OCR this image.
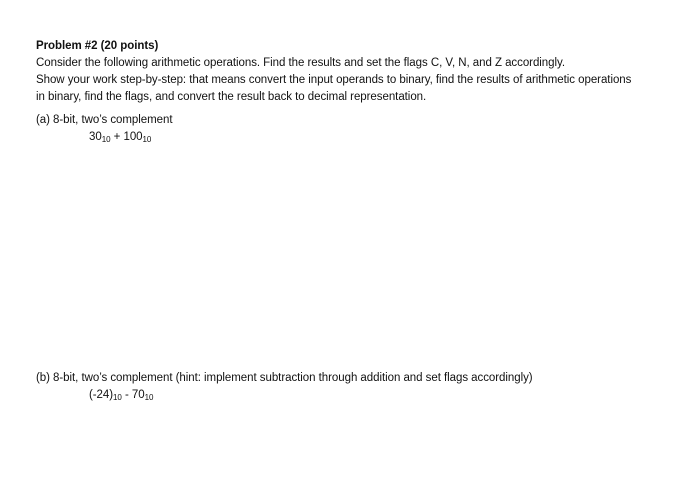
Problem #2 (20 points)
Consider the following arithmetic operations. Find the results and set the flags C, V, N, and Z accordingly.
Show your work step-by-step: that means convert the input operands to binary, find the results of arithmetic operations
in binary, find the flags, and convert the result back to decimal representation.
(a) 8-bit, two’s complement
$30_{10} + 100_{10}$
(b) 8-bit, two’s complement (hint: implement subtraction through addition and set flags accordingly)
$(-24)_{10} - 70_{10}$
